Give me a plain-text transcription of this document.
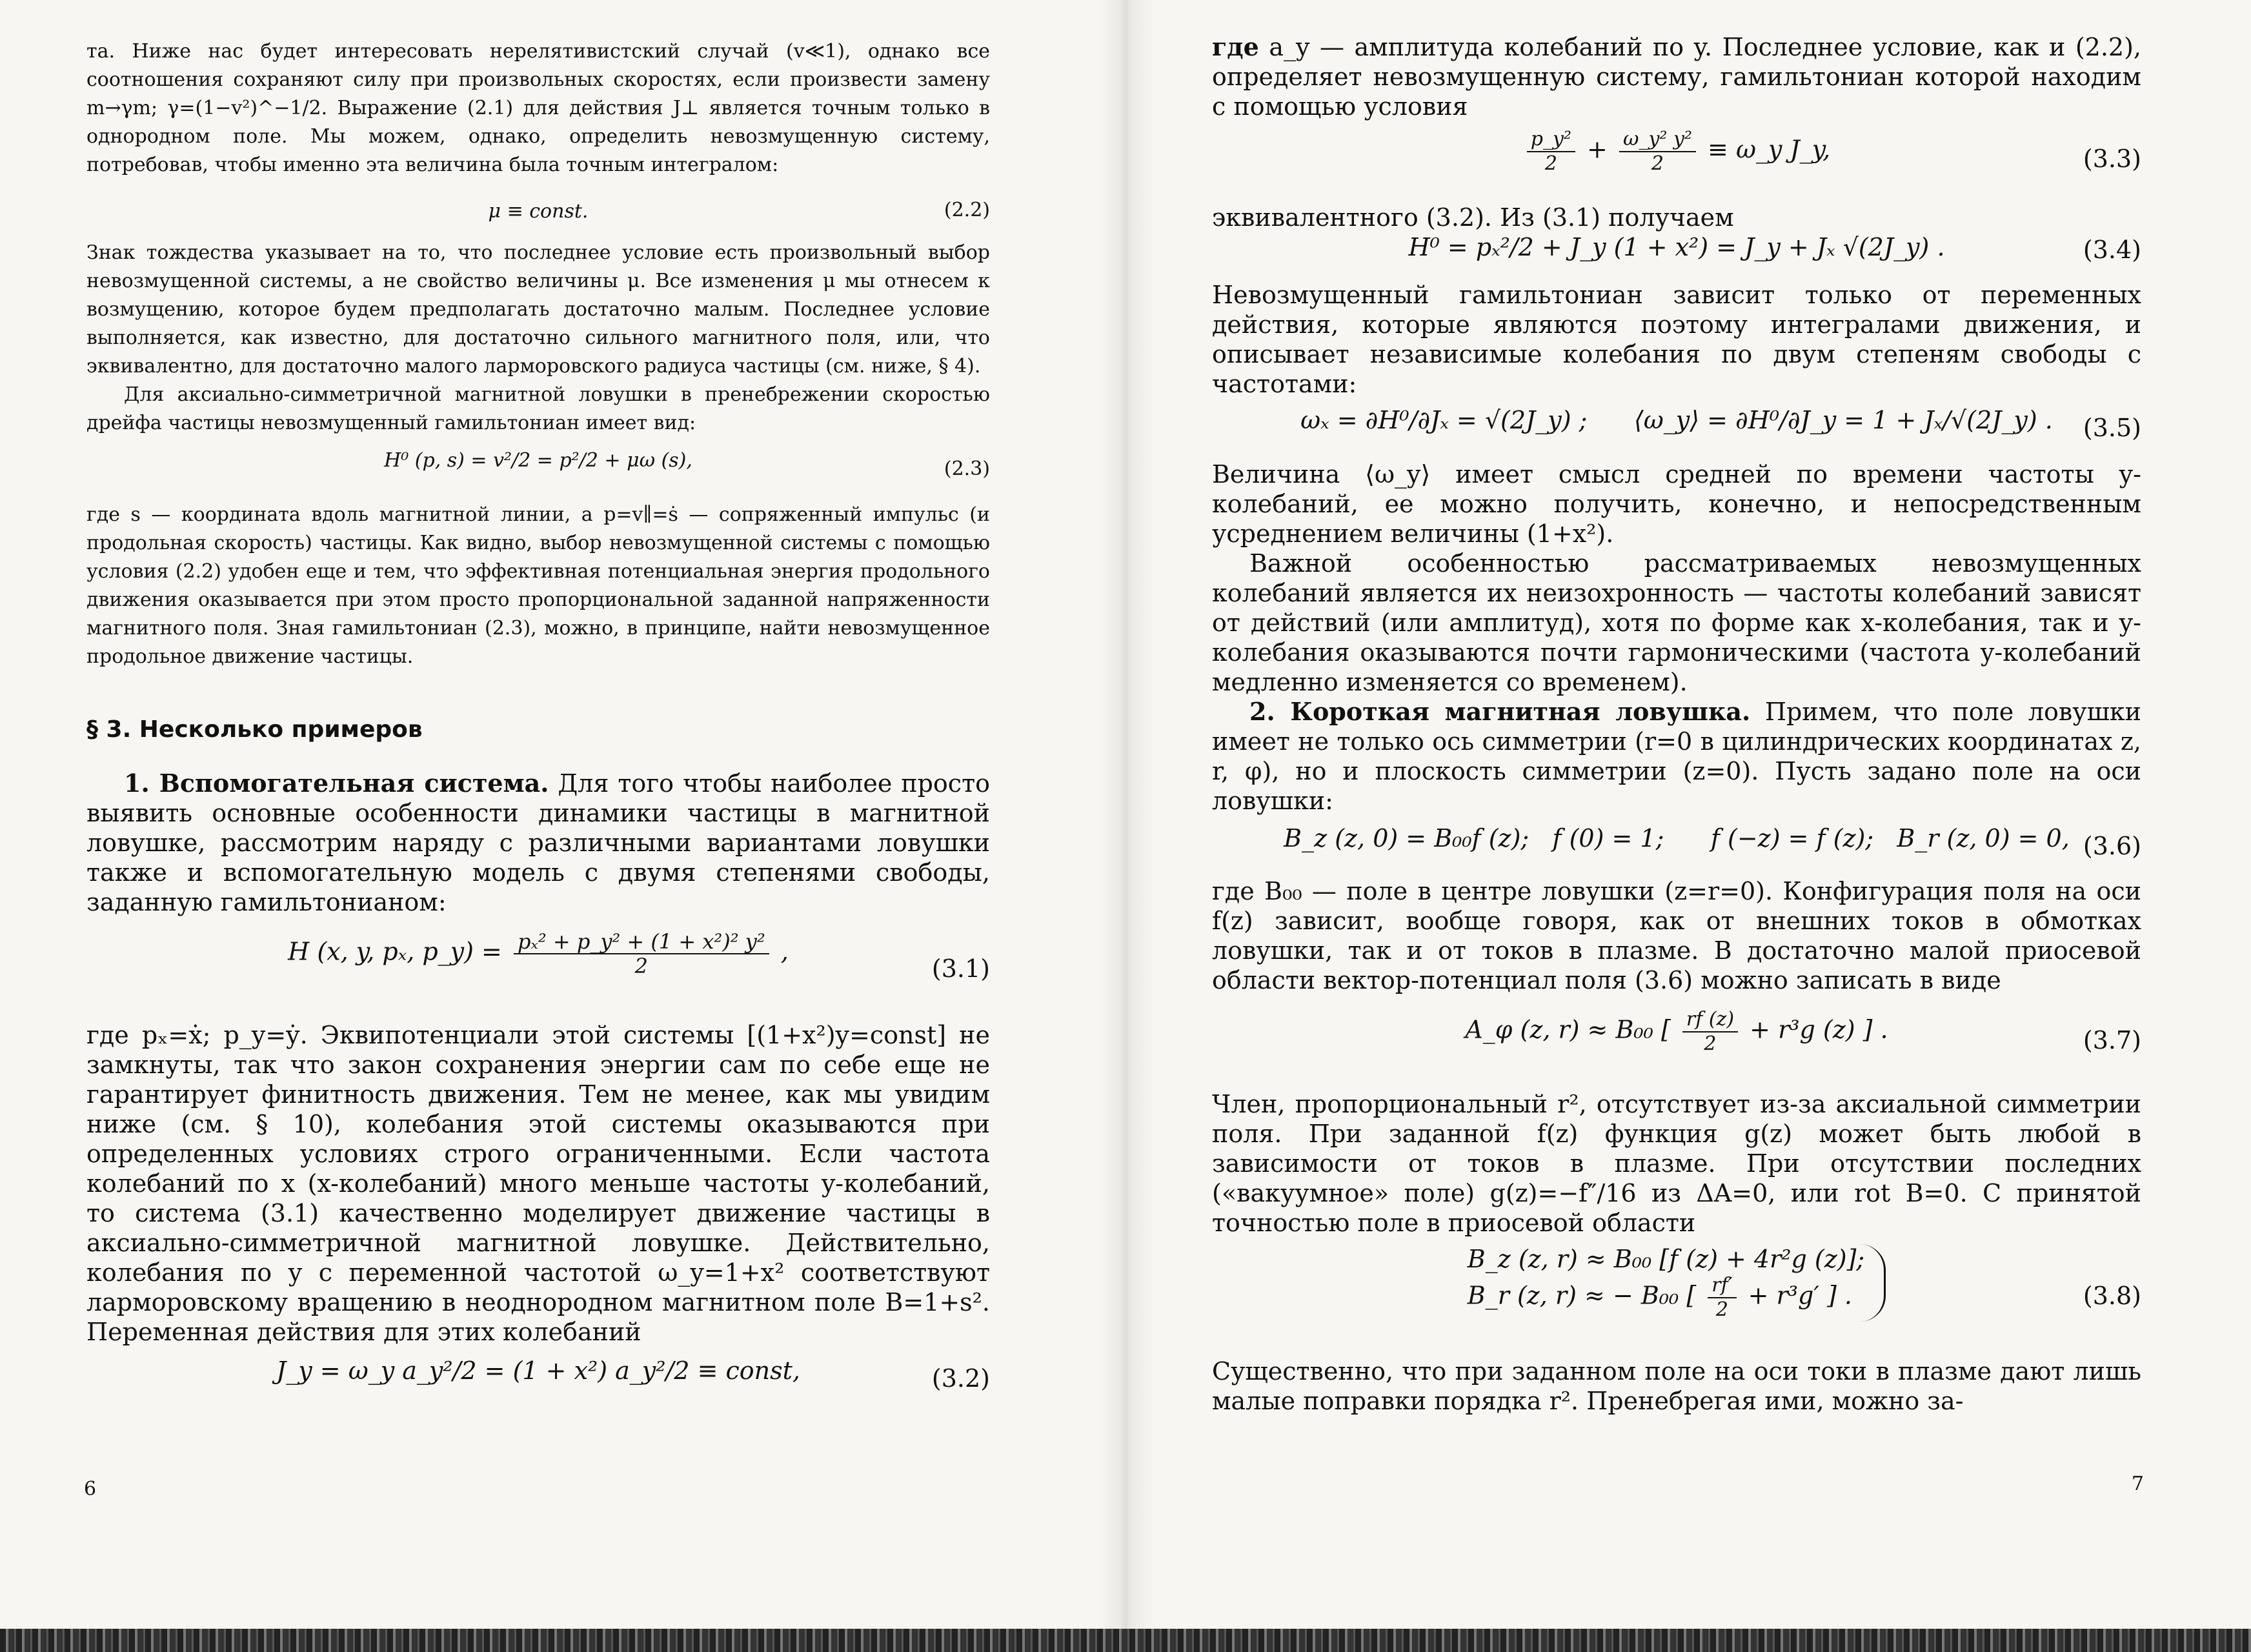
та. Ниже нас будет интересовать нерелятивистский случай (v≪1), однако все соотношения сохраняют силу при произвольных скоростях, если произвести замену m→γm; γ=(1−v²)^−1/2. Выражение (2.1) для действия J⊥ является точным только в однородном поле. Мы можем, однако, определить невозмущенную систему, потребовав, чтобы именно эта величина была точным интегралом:

μ ≡ const.	(2.2)

Знак тождества указывает на то, что последнее условие есть произвольный выбор невозмущенной системы, а не свойство величины μ. Все изменения μ мы отнесем к возмущению, которое будем предполагать достаточно малым. Последнее условие выполняется, как известно, для достаточно сильного магнитного поля, или, что эквивалентно, для достаточно малого ларморовского радиуса частицы (см. ниже, § 4).

Для аксиально-симметричной магнитной ловушки в пренебрежении скоростью дрейфа частицы невозмущенный гамильтониан имеет вид:

H⁰ (p, s) = v²/2 = p²/2 + μω (s),	(2.3)

где s — координата вдоль магнитной линии, а p=v∥=ṡ — сопряженный импульс (и продольная скорость) частицы. Как видно, выбор невозмущенной системы с помощью условия (2.2) удобен еще и тем, что эффективная потенциальная энергия продольного движения оказывается при этом просто пропорциональной заданной напряженности магнитного поля. Зная гамильтониан (2.3), можно, в принципе, найти невозмущенное продольное движение частицы.

§ 3. Несколько примеров

1. Вспомогательная система. Для того чтобы наиболее просто выявить основные особенности динамики частицы в магнитной ловушке, рассмотрим наряду с различными вариантами ловушки также и вспомогательную модель с двумя степенями свободы, заданную гамильтонианом:

H (x, y, pₓ, p_y) = $\frac{\text{pₓ² + p\_y² + (1 + x²)² y²}}{2}$ ,
(3.1)

где pₓ=ẋ; p_y=ẏ. Эквипотенциали этой системы [(1+x²)y=const] не замкнуты, так что закон сохранения энергии сам по себе еще не гарантирует финитность движения. Тем не менее, как мы увидим ниже (см. § 10), колебания этой системы оказываются при определенных условиях строго ограниченными. Если частота колебаний по x (x-колебаний) много меньше частоты y-колебаний, то система (3.1) качественно моделирует движение частицы в аксиально-симметричной магнитной ловушке. Действительно, колебания по y с переменной частотой ω_y=1+x² соответствуют ларморовскому вращению в неоднородном магнитном поле B=1+s². Переменная действия для этих колебаний

J_y = ω_y a_y²/2 = (1 + x²) a_y²/2 ≡ const,	(3.2)
6

где a_y — амплитуда колебаний по y. Последнее условие, как и (2.2), определяет невозмущенную систему, гамильтониан которой находим с помощью условия

$\frac{\text{p\_y²}}{2} + \frac{\text{ω\_y² y²}}{2}$ ≡ ω_y J_y,	(3.3)

эквивалентного (3.2). Из (3.1) получаем

H⁰ = pₓ²/2 + J_y (1 + x²) = J_y + Jₓ √(2J_y) .	(3.4)

Невозмущенный гамильтониан зависит только от переменных действия, которые являются поэтому интегралами движения, и описывает независимые колебания по двум степеням свободы с частотами:

ωₓ = ∂H⁰/∂Jₓ = √(2J_y) ;      ⟨ω_y⟩ = ∂H⁰/∂J_y = 1 + Jₓ/√(2J_y) . (3.5)

Величина ⟨ω_y⟩ имеет смысл средней по времени частоты y-колебаний, ее можно получить, конечно, и непосредственным усреднением величины (1+x²).

Важной особенностью рассматриваемых невозмущенных колебаний является их неизохронность — частоты колебаний зависят от действий (или амплитуд), хотя по форме как x-колебания, так и y-колебания оказываются почти гармоническими (частота y-колебаний медленно изменяется со временем).

2. Короткая магнитная ловушка. Примем, что поле ловушки имеет не только ось симметрии (r=0 в цилиндрических координатах z, r, φ), но и плоскость симметрии (z=0). Пусть задано поле на оси ловушки:

B_z (z, 0) = B₀₀f (z);   f (0) = 1;      f (−z) = f (z);   B_r (z, 0) = 0, (3.6)

где B₀₀ — поле в центре ловушки (z=r=0). Конфигурация поля на оси f(z) зависит, вообще говоря, как от внешних токов в обмотках ловушки, так и от токов в плазме. В достаточно малой приосевой области вектор-потенциал поля (3.6) можно записать в виде

A_φ (z, r) ≈ B₀₀ [ $\frac{rf (z)}{2} + r^3g$ (z) ] .	(3.7)

Член, пропорциональный r², отсутствует из-за аксиальной симметрии поля. При заданной f(z) функция g(z) может быть любой в зависимости от токов в плазме. При отсутствии последних («вакуумное» поле) g(z)=−f″/16 из ΔA=0, или rot B=0. С принятой точностью поле в приосевой области

B_z (z, r) ≈ B₀₀ [f (z) + 4r²g (z)];
B_r (z, r) ≈ − B₀₀ [ $\frac{rf'}{2} + r^3g'$ ] .	(3.8)

Существенно, что при заданном поле на оси токи в плазме дают лишь малые поправки порядка r². Пренебрегая ими, можно за-

7
